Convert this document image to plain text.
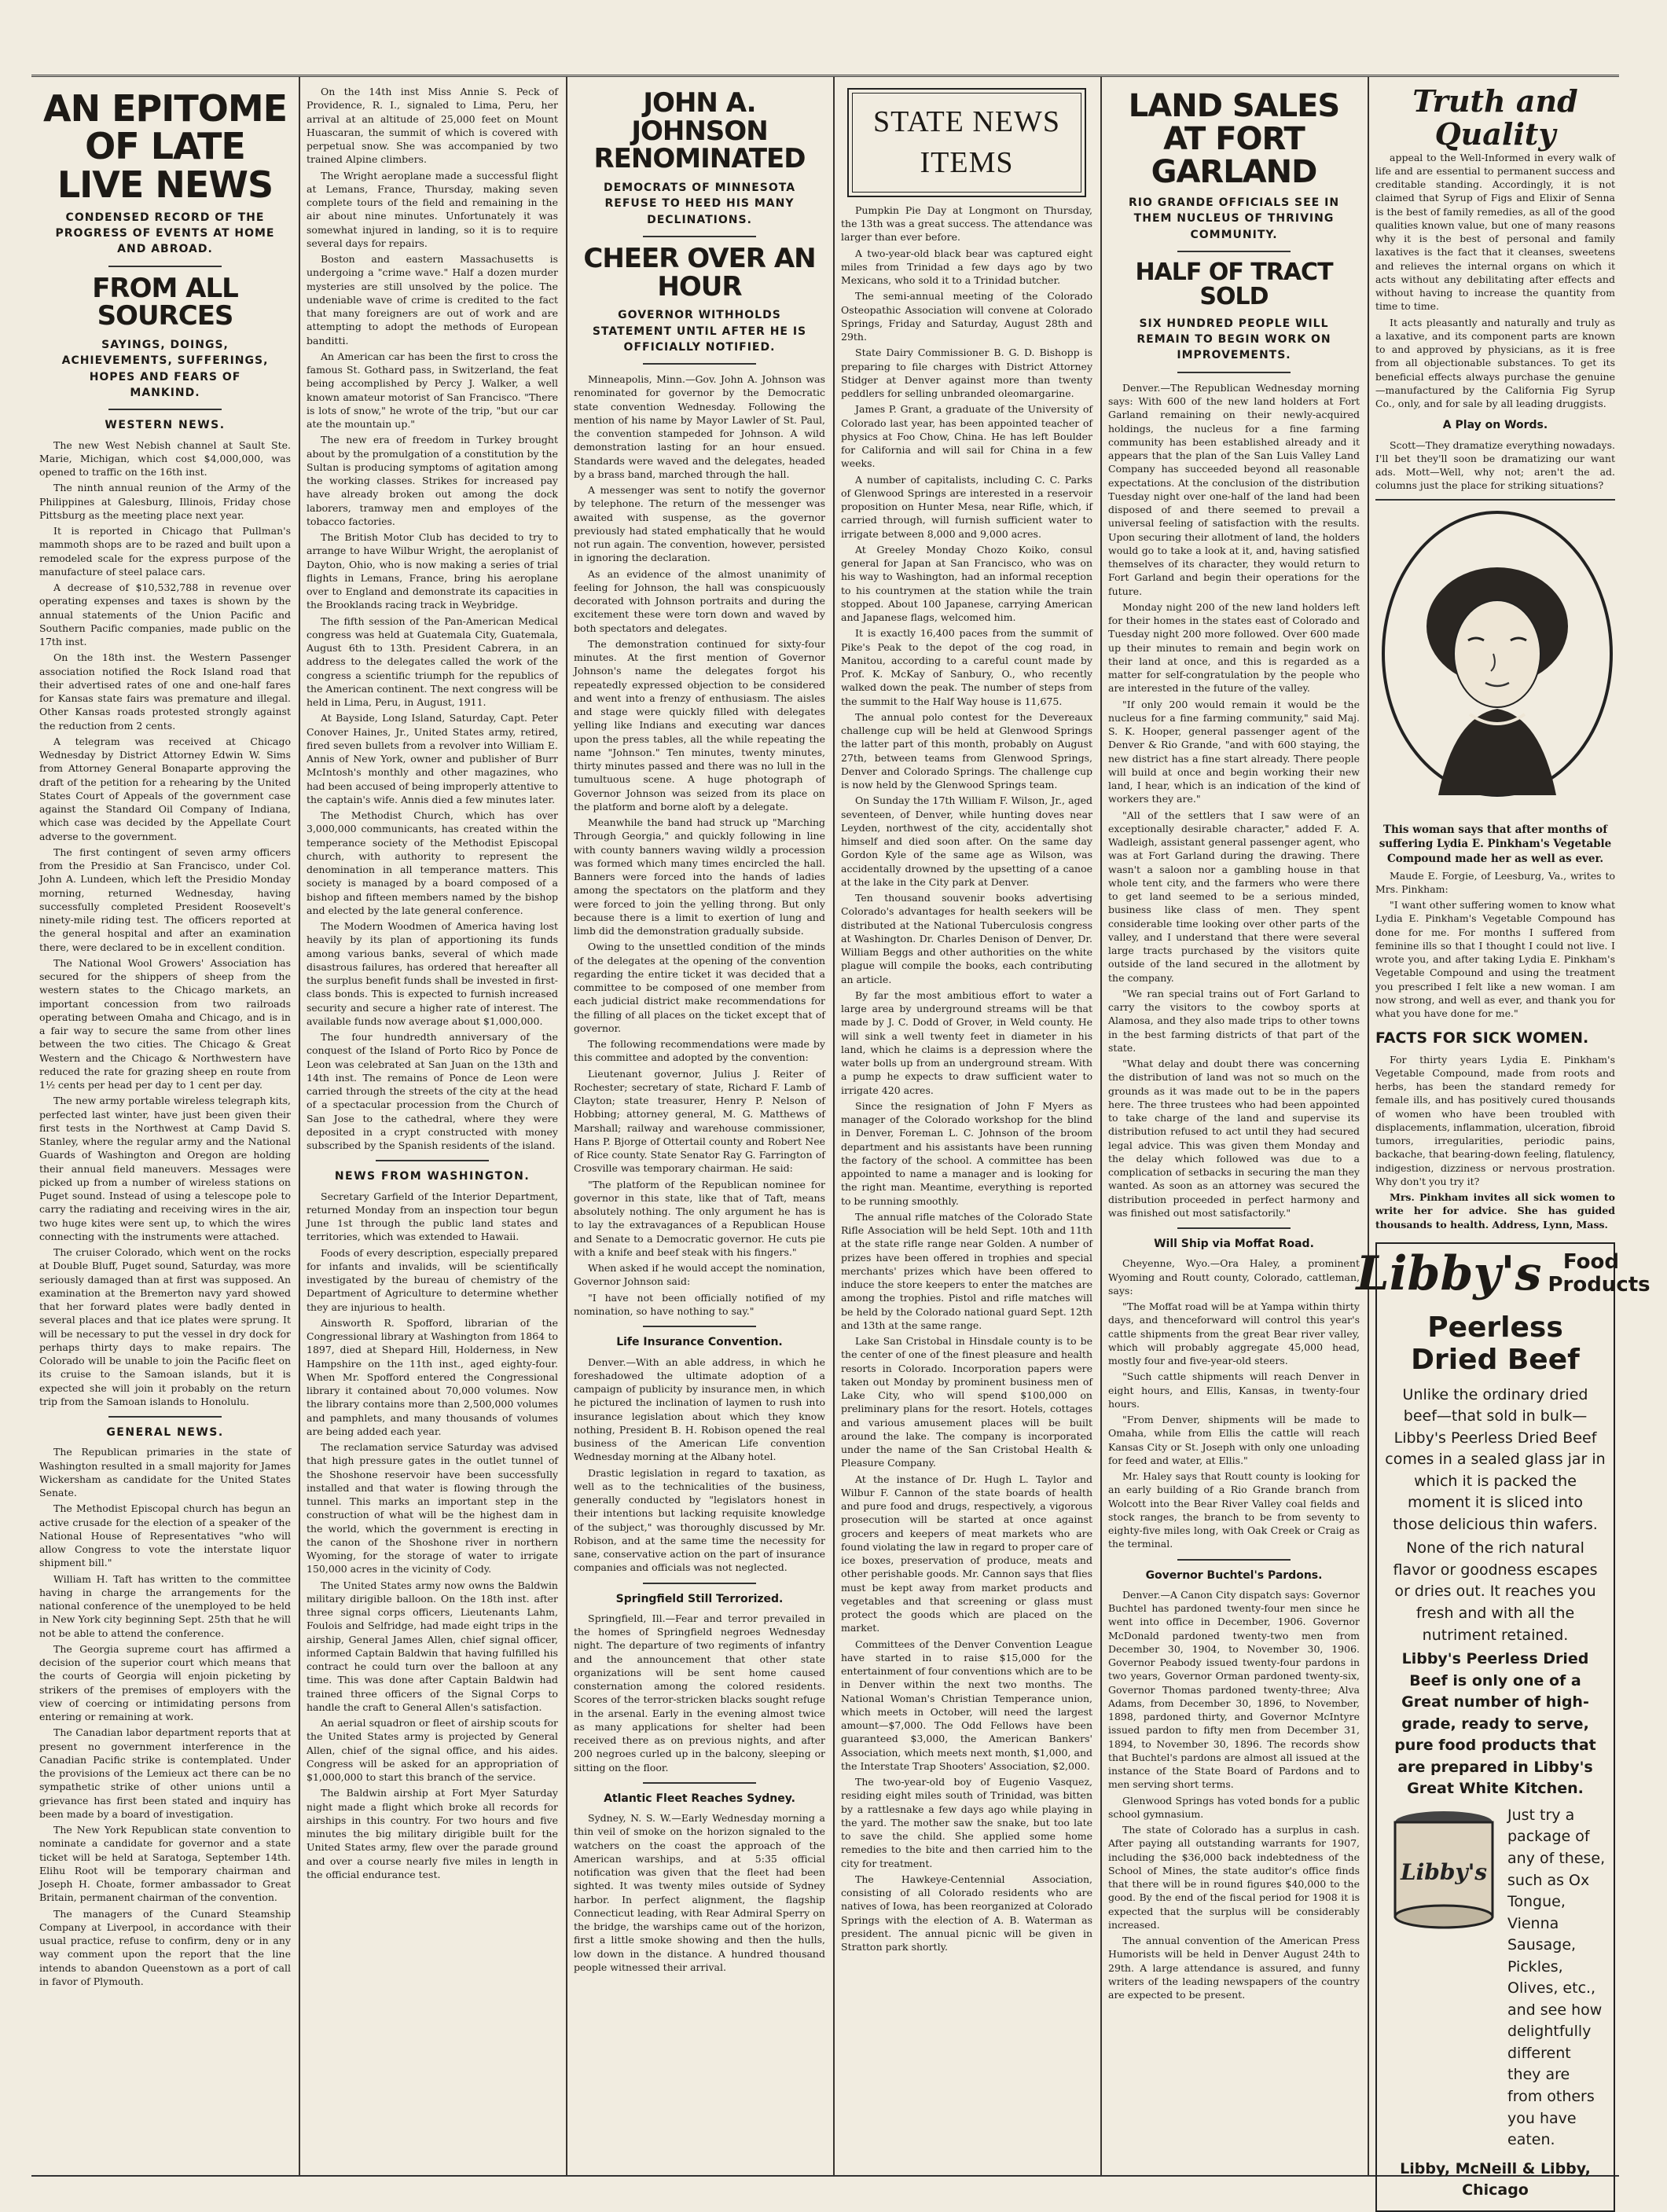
AN EPITOME OF LATE LIVE NEWS
CONDENSED RECORD OF THE PROGRESS OF EVENTS AT HOME AND ABROAD.
FROM ALL SOURCES
SAYINGS, DOINGS, ACHIEVEMENTS, SUFFERINGS, HOPES AND FEARS OF MANKIND.
WESTERN NEWS.

The new West Nebish channel at Sault Ste. Marie, Michigan, which cost $4,000,000, was opened to traffic on the 16th inst.

The ninth annual reunion of the Army of the Philippines at Galesburg, Illinois, Friday chose Pittsburg as the meeting place next year.

It is reported in Chicago that Pullman's mammoth shops are to be razed and built upon a remodeled scale for the express purpose of the manufacture of steel palace cars.

A decrease of $10,532,788 in revenue over operating expenses and taxes is shown by the annual statements of the Union Pacific and Southern Pacific companies, made public on the 17th inst.

On the 18th inst. the Western Passenger association notified the Rock Island road that their advertised rates of one and one-half fares for Kansas state fairs was premature and illegal. Other Kansas roads protested strongly against the reduction from 2 cents.

A telegram was received at Chicago Wednesday by District Attorney Edwin W. Sims from Attorney General Bonaparte approving the draft of the petition for a rehearing by the United States Court of Appeals of the government case against the Standard Oil Company of Indiana, which case was decided by the Appellate Court adverse to the government.

The first contingent of seven army officers from the Presidio at San Francisco, under Col. John A. Lundeen, which left the Presidio Monday morning, returned Wednesday, having successfully completed President Roosevelt's ninety-mile riding test. The officers reported at the general hospital and after an examination there, were declared to be in excellent condition.

The National Wool Growers' Association has secured for the shippers of sheep from the western states to the Chicago markets, an important concession from two railroads operating between Omaha and Chicago, and is in a fair way to secure the same from other lines between the two cities. The Chicago & Great Western and the Chicago & Northwestern have reduced the rate for grazing sheep en route from 1½ cents per head per day to 1 cent per day.

The new army portable wireless telegraph kits, perfected last winter, have just been given their first tests in the Northwest at Camp David S. Stanley, where the regular army and the National Guards of Washington and Oregon are holding their annual field maneuvers. Messages were picked up from a number of wireless stations on Puget sound. Instead of using a telescope pole to carry the radiating and receiving wires in the air, two huge kites were sent up, to which the wires connecting with the instruments were attached.

The cruiser Colorado, which went on the rocks at Double Bluff, Puget sound, Saturday, was more seriously damaged than at first was supposed. An examination at the Bremerton navy yard showed that her forward plates were badly dented in several places and that ice plates were sprung. It will be necessary to put the vessel in dry dock for perhaps thirty days to make repairs. The Colorado will be unable to join the Pacific fleet on its cruise to the Samoan islands, but it is expected she will join it probably on the return trip from the Samoan islands to Honolulu.

GENERAL NEWS.

The Republican primaries in the state of Washington resulted in a small majority for James Wickersham as candidate for the United States Senate.

The Methodist Episcopal church has begun an active crusade for the election of a speaker of the National House of Representatives "who will allow Congress to vote the interstate liquor shipment bill."

William H. Taft has written to the committee having in charge the arrangements for the national conference of the unemployed to be held in New York city beginning Sept. 25th that he will not be able to attend the conference.

The Georgia supreme court has affirmed a decision of the superior court which means that the courts of Georgia will enjoin picketing by strikers of the premises of employers with the view of coercing or intimidating persons from entering or remaining at work.

The Canadian labor department reports that at present no government interference in the Canadian Pacific strike is contemplated. Under the provisions of the Lemieux act there can be no sympathetic strike of other unions until a grievance has first been stated and inquiry has been made by a board of investigation.

The New York Republican state convention to nominate a candidate for governor and a state ticket will be held at Saratoga, September 14th. Elihu Root will be temporary chairman and Joseph H. Choate, former ambassador to Great Britain, permanent chairman of the convention.

The managers of the Cunard Steamship Company at Liverpool, in accordance with their usual practice, refuse to confirm, deny or in any way comment upon the report that the line intends to abandon Queenstown as a port of call in favor of Plymouth.

On the 14th inst Miss Annie S. Peck of Providence, R. I., signaled to Lima, Peru, her arrival at an altitude of 25,000 feet on Mount Huascaran, the summit of which is covered with perpetual snow. She was accompanied by two trained Alpine climbers.

The Wright aeroplane made a successful flight at Lemans, France, Thursday, making seven complete tours of the field and remaining in the air about nine minutes. Unfortunately it was somewhat injured in landing, so it is to require several days for repairs.

Boston and eastern Massachusetts is undergoing a "crime wave." Half a dozen murder mysteries are still unsolved by the police. The undeniable wave of crime is credited to the fact that many foreigners are out of work and are attempting to adopt the methods of European banditti.

An American car has been the first to cross the famous St. Gothard pass, in Switzerland, the feat being accomplished by Percy J. Walker, a well known amateur motorist of San Francisco. "There is lots of snow," he wrote of the trip, "but our car ate the mountain up."

The new era of freedom in Turkey brought about by the promulgation of a constitution by the Sultan is producing symptoms of agitation among the working classes. Strikes for increased pay have already broken out among the dock laborers, tramway men and employes of the tobacco factories.

The British Motor Club has decided to try to arrange to have Wilbur Wright, the aeroplanist of Dayton, Ohio, who is now making a series of trial flights in Lemans, France, bring his aeroplane over to England and demonstrate its capacities in the Brooklands racing track in Weybridge.

The fifth session of the Pan-American Medical congress was held at Guatemala City, Guatemala, August 6th to 13th. President Cabrera, in an address to the delegates called the work of the congress a scientific triumph for the republics of the American continent. The next congress will be held in Lima, Peru, in August, 1911.

At Bayside, Long Island, Saturday, Capt. Peter Conover Haines, Jr., United States army, retired, fired seven bullets from a revolver into William E. Annis of New York, owner and publisher of Burr McIntosh's monthly and other magazines, who had been accused of being improperly attentive to the captain's wife. Annis died a few minutes later.

The Methodist Church, which has over 3,000,000 communicants, has created within the temperance society of the Methodist Episcopal church, with authority to represent the denomination in all temperance matters. This society is managed by a board composed of a bishop and fifteen members named by the bishop and elected by the late general conference.

The Modern Woodmen of America having lost heavily by its plan of apportioning its funds among various banks, several of which made disastrous failures, has ordered that hereafter all the surplus benefit funds shall be invested in first-class bonds. This is expected to furnish increased security and secure a higher rate of interest. The available funds now average about $1,000,000.

The four hundredth anniversary of the conquest of the Island of Porto Rico by Ponce de Leon was celebrated at San Juan on the 13th and 14th inst. The remains of Ponce de Leon were carried through the streets of the city at the head of a spectacular procession from the Church of San Jose to the cathedral, where they were deposited in a crypt constructed with money subscribed by the Spanish residents of the island.

NEWS FROM WASHINGTON.

Secretary Garfield of the Interior Department, returned Monday from an inspection tour begun June 1st through the public land states and territories, which was extended to Hawaii.

Foods of every description, especially prepared for infants and invalids, will be scientifically investigated by the bureau of chemistry of the Department of Agriculture to determine whether they are injurious to health.

Ainsworth R. Spofford, librarian of the Congressional library at Washington from 1864 to 1897, died at Shepard Hill, Holderness, in New Hampshire on the 11th inst., aged eighty-four. When Mr. Spofford entered the Congressional library it contained about 70,000 volumes. Now the library contains more than 2,500,000 volumes and pamphlets, and many thousands of volumes are being added each year.

The reclamation service Saturday was advised that high pressure gates in the outlet tunnel of the Shoshone reservoir have been successfully installed and that water is flowing through the tunnel. This marks an important step in the construction of what will be the highest dam in the world, which the government is erecting in the canon of the Shoshone river in northern Wyoming, for the storage of water to irrigate 150,000 acres in the vicinity of Cody.

The United States army now owns the Baldwin military dirigible balloon. On the 18th inst. after three signal corps officers, Lieutenants Lahm, Foulois and Selfridge, had made eight trips in the airship, General James Allen, chief signal officer, informed Captain Baldwin that having fulfilled his contract he could turn over the balloon at any time. This was done after Captain Baldwin had trained three officers of the Signal Corps to handle the craft to General Allen's satisfaction.

An aerial squadron or fleet of airship scouts for the United States army is projected by General Allen, chief of the signal office, and his aides. Congress will be asked for an appropriation of $1,000,000 to start this branch of the service.

The Baldwin airship at Fort Myer Saturday night made a flight which broke all records for airships in this country. For two hours and five minutes the big military dirigible built for the United States army, flew over the parade ground and over a course nearly five miles in length in the official endurance test.

JOHN A. JOHNSON RENOMINATED
DEMOCRATS OF MINNESOTA REFUSE TO HEED HIS MANY DECLINATIONS.
CHEER OVER AN HOUR
GOVERNOR WITHHOLDS STATEMENT UNTIL AFTER HE IS OFFICIALLY NOTIFIED.

Minneapolis, Minn.—Gov. John A. Johnson was renominated for governor by the Democratic state convention Wednesday. Following the mention of his name by Mayor Lawler of St. Paul, the convention stampeded for Johnson. A wild demonstration lasting for an hour ensued. Standards were waved and the delegates, headed by a brass band, marched through the hall.

A messenger was sent to notify the governor by telephone. The return of the messenger was awaited with suspense, as the governor previously had stated emphatically that he would not run again. The convention, however, persisted in ignoring the declaration.

As an evidence of the almost unanimity of feeling for Johnson, the hall was conspicuously decorated with Johnson portraits and during the excitement these were torn down and waved by both spectators and delegates.

The demonstration continued for sixty-four minutes. At the first mention of Governor Johnson's name the delegates forgot his repeatedly expressed objection to be considered and went into a frenzy of enthusiasm. The aisles and stage were quickly filled with delegates yelling like Indians and executing war dances upon the press tables, all the while repeating the name "Johnson." Ten minutes, twenty minutes, thirty minutes passed and there was no lull in the tumultuous scene. A huge photograph of Governor Johnson was seized from its place on the platform and borne aloft by a delegate.

Meanwhile the band had struck up "Marching Through Georgia," and quickly following in line with county banners waving wildly a procession was formed which many times encircled the hall. Banners were forced into the hands of ladies among the spectators on the platform and they were forced to join the yelling throng. But only because there is a limit to exertion of lung and limb did the demonstration gradually subside.

Owing to the unsettled condition of the minds of the delegates at the opening of the convention regarding the entire ticket it was decided that a committee to be composed of one member from each judicial district make recommendations for the filling of all places on the ticket except that of governor.

The following recommendations were made by this committee and adopted by the convention:

Lieutenant governor, Julius J. Reiter of Rochester; secretary of state, Richard F. Lamb of Clayton; state treasurer, Henry P. Nelson of Hobbing; attorney general, M. G. Matthews of Marshall; railway and warehouse commissioner, Hans P. Bjorge of Ottertail county and Robert Nee of Rice county. State Senator Ray G. Farrington of Crosville was temporary chairman. He said:

"The platform of the Republican nominee for governor in this state, like that of Taft, means absolutely nothing. The only argument he has is to lay the extravagances of a Republican House and Senate to a Democratic governor. He cuts pie with a knife and beef steak with his fingers."

When asked if he would accept the nomination, Governor Johnson said:

"I have not been officially notified of my nomination, so have nothing to say."

Life Insurance Convention.

Denver.—With an able address, in which he foreshadowed the ultimate adoption of a campaign of publicity by insurance men, in which he pictured the inclination of laymen to rush into insurance legislation about which they know nothing, President B. H. Robison opened the real business of the American Life convention Wednesday morning at the Albany hotel.

Drastic legislation in regard to taxation, as well as to the technicalities of the business, generally conducted by "legislators honest in their intentions but lacking requisite knowledge of the subject," was thoroughly discussed by Mr. Robison, and at the same time the necessity for sane, conservative action on the part of insurance companies and officials was not neglected.

Springfield Still Terrorized.

Springfield, Ill.—Fear and terror prevailed in the homes of Springfield negroes Wednesday night. The departure of two regiments of infantry and the announcement that other state organizations will be sent home caused consternation among the colored residents. Scores of the terror-stricken blacks sought refuge in the arsenal. Early in the evening almost twice as many applications for shelter had been received there as on previous nights, and after 200 negroes curled up in the balcony, sleeping or sitting on the floor.

Atlantic Fleet Reaches Sydney.

Sydney, N. S. W.—Early Wednesday morning a thin veil of smoke on the horizon signaled to the watchers on the coast the approach of the American warships, and at 5:35 official notification was given that the fleet had been sighted. It was twenty miles outside of Sydney harbor. In perfect alignment, the flagship Connecticut leading, with Rear Admiral Sperry on the bridge, the warships came out of the horizon, first a little smoke showing and then the hulls, low down in the distance. A hundred thousand people witnessed their arrival.

STATE NEWS ITEMS

Pumpkin Pie Day at Longmont on Thursday, the 13th was a great success. The attendance was larger than ever before.

A two-year-old black bear was captured eight miles from Trinidad a few days ago by two Mexicans, who sold it to a Trinidad butcher.

The semi-annual meeting of the Colorado Osteopathic Association will convene at Colorado Springs, Friday and Saturday, August 28th and 29th.

State Dairy Commissioner B. G. D. Bishopp is preparing to file charges with District Attorney Stidger at Denver against more than twenty peddlers for selling unbranded oleomargarine.

James P. Grant, a graduate of the University of Colorado last year, has been appointed teacher of physics at Foo Chow, China. He has left Boulder for California and will sail for China in a few weeks.

A number of capitalists, including C. C. Parks of Glenwood Springs are interested in a reservoir proposition on Hunter Mesa, near Rifle, which, if carried through, will furnish sufficient water to irrigate between 8,000 and 9,000 acres.

At Greeley Monday Chozo Koiko, consul general for Japan at San Francisco, who was on his way to Washington, had an informal reception to his countrymen at the station while the train stopped. About 100 Japanese, carrying American and Japanese flags, welcomed him.

It is exactly 16,400 paces from the summit of Pike's Peak to the depot of the cog road, in Manitou, according to a careful count made by Prof. K. McKay of Sanbury, O., who recently walked down the peak. The number of steps from the summit to the Half Way house is 11,675.

The annual polo contest for the Devereaux challenge cup will be held at Glenwood Springs the latter part of this month, probably on August 27th, between teams from Glenwood Springs, Denver and Colorado Springs. The challenge cup is now held by the Glenwood Springs team.

On Sunday the 17th William F. Wilson, Jr., aged seventeen, of Denver, while hunting doves near Leyden, northwest of the city, accidentally shot himself and died soon after. On the same day Gordon Kyle of the same age as Wilson, was accidentally drowned by the upsetting of a canoe at the lake in the City park at Denver.

Ten thousand souvenir books advertising Colorado's advantages for health seekers will be distributed at the National Tuberculosis congress at Washington. Dr. Charles Denison of Denver, Dr. William Beggs and other authorities on the white plague will compile the books, each contributing an article.

By far the most ambitious effort to water a large area by underground streams will be that made by J. C. Dodd of Grover, in Weld county. He will sink a well twenty feet in diameter in his land, which he claims is a depression where the water bolls up from an underground stream. With a pump he expects to draw sufficient water to irrigate 420 acres.

Since the resignation of John F Myers as manager of the Colorado workshop for the blind in Denver, Foreman L. C. Johnson of the broom department and his assistants have been running the factory of the school. A committee has been appointed to name a manager and is looking for the right man. Meantime, everything is reported to be running smoothly.

The annual rifle matches of the Colorado State Rifle Association will be held Sept. 10th and 11th at the state rifle range near Golden. A number of prizes have been offered in trophies and special merchants' prizes which have been offered to induce the store keepers to enter the matches are among the trophies. Pistol and rifle matches will be held by the Colorado national guard Sept. 12th and 13th at the same range.

Lake San Cristobal in Hinsdale county is to be the center of one of the finest pleasure and health resorts in Colorado. Incorporation papers were taken out Monday by prominent business men of Lake City, who will spend $100,000 on preliminary plans for the resort. Hotels, cottages and various amusement places will be built around the lake. The company is incorporated under the name of the San Cristobal Health & Pleasure Company.

At the instance of Dr. Hugh L. Taylor and Wilbur F. Cannon of the state boards of health and pure food and drugs, respectively, a vigorous prosecution will be started at once against grocers and keepers of meat markets who are found violating the law in regard to proper care of ice boxes, preservation of produce, meats and other perishable goods. Mr. Cannon says that flies must be kept away from market products and vegetables and that screening or glass must protect the goods which are placed on the market.

Committees of the Denver Convention League have started in to raise $15,000 for the entertainment of four conventions which are to be in Denver within the next two months. The National Woman's Christian Temperance union, which meets in October, will need the largest amount—$7,000. The Odd Fellows have been guaranteed $3,000, the American Bankers' Association, which meets next month, $1,000, and the Interstate Trap Shooters' Association, $2,000.

The two-year-old boy of Eugenio Vasquez, residing eight miles south of Trinidad, was bitten by a rattlesnake a few days ago while playing in the yard. The mother saw the snake, but too late to save the child. She applied some home remedies to the bite and then carried him to the city for treatment.

The Hawkeye-Centennial Association, consisting of all Colorado residents who are natives of Iowa, has been reorganized at Colorado Springs with the election of A. B. Waterman as president. The annual picnic will be given in Stratton park shortly.

LAND SALES AT FORT GARLAND
RIO GRANDE OFFICIALS SEE IN THEM NUCLEUS OF THRIVING COMMUNITY.
HALF OF TRACT SOLD
SIX HUNDRED PEOPLE WILL REMAIN TO BEGIN WORK ON IMPROVEMENTS.

Denver.—The Republican Wednesday morning says: With 600 of the new land holders at Fort Garland remaining on their newly-acquired holdings, the nucleus for a fine farming community has been established already and it appears that the plan of the San Luis Valley Land Company has succeeded beyond all reasonable expectations. At the conclusion of the distribution Tuesday night over one-half of the land had been disposed of and there seemed to prevail a universal feeling of satisfaction with the results. Upon securing their allotment of land, the holders would go to take a look at it, and, having satisfied themselves of its character, they would return to Fort Garland and begin their operations for the future.

Monday night 200 of the new land holders left for their homes in the states east of Colorado and Tuesday night 200 more followed. Over 600 made up their minutes to remain and begin work on their land at once, and this is regarded as a matter for self-congratulation by the people who are interested in the future of the valley.

"If only 200 would remain it would be the nucleus for a fine farming community," said Maj. S. K. Hooper, general passenger agent of the Denver & Rio Grande, "and with 600 staying, the new district has a fine start already. There people will build at once and begin working their new land, I hear, which is an indication of the kind of workers they are."

"All of the settlers that I saw were of an exceptionally desirable character," added F. A. Wadleigh, assistant general passenger agent, who was at Fort Garland during the drawing. There wasn't a saloon nor a gambling house in that whole tent city, and the farmers who were there to get land seemed to be a serious minded, business like class of men. They spent considerable time looking over other parts of the valley, and I understand that there were several large tracts purchased by the visitors quite outside of the land secured in the allotment by the company.

"We ran special trains out of Fort Garland to carry the visitors to the cowboy sports at Alamosa, and they also made trips to other towns in the best farming districts of that part of the state.

"What delay and doubt there was concerning the distribution of land was not so much on the grounds as it was made out to be in the papers here. The three trustees who had been appointed to take charge of the land and supervise its distribution refused to act until they had secured legal advice. This was given them Monday and the delay which followed was due to a complication of setbacks in securing the man they wanted. As soon as an attorney was secured the distribution proceeded in perfect harmony and was finished out most satisfactorily."

Will Ship via Moffat Road.

Cheyenne, Wyo.—Ora Haley, a prominent Wyoming and Routt county, Colorado, cattleman, says:

"The Moffat road will be at Yampa within thirty days, and thenceforward will control this year's cattle shipments from the great Bear river valley, which will probably aggregate 45,000 head, mostly four and five-year-old steers.

"Such cattle shipments will reach Denver in eight hours, and Ellis, Kansas, in twenty-four hours.

"From Denver, shipments will be made to Omaha, while from Ellis the cattle will reach Kansas City or St. Joseph with only one unloading for feed and water, at Ellis."

Mr. Haley says that Routt county is looking for an early building of a Rio Grande branch from Wolcott into the Bear River Valley coal fields and stock ranges, the branch to be from seventy to eighty-five miles long, with Oak Creek or Craig as the terminal.

Governor Buchtel's Pardons.

Denver.—A Canon City dispatch says: Governor Buchtel has pardoned twenty-four men since he went into office in December, 1906. Governor McDonald pardoned twenty-two men from December 30, 1904, to November 30, 1906. Governor Peabody issued twenty-four pardons in two years, Governor Orman pardoned twenty-six, Governor Thomas pardoned twenty-three; Alva Adams, from December 30, 1896, to November, 1898, pardoned thirty, and Governor McIntyre issued pardon to fifty men from December 31, 1894, to November 30, 1896. The records show that Buchtel's pardons are almost all issued at the instance of the State Board of Pardons and to men serving short terms.

Glenwood Springs has voted bonds for a public school gymnasium.

The state of Colorado has a surplus in cash. After paying all outstanding warrants for 1907, including the $36,000 back indebtedness of the School of Mines, the state auditor's office finds that there will be in round figures $40,000 to the good. By the end of the fiscal period for 1908 it is expected that the surplus will be considerably increased.

The annual convention of the American Press Humorists will be held in Denver August 24th to 29th. A large attendance is assured, and funny writers of the leading newspapers of the country are expected to be present.

Truth and Quality

appeal to the Well-Informed in every walk of life and are essential to permanent success and creditable standing. Accordingly, it is not claimed that Syrup of Figs and Elixir of Senna is the best of family remedies, as all of the good qualities known value, but one of many reasons why it is the best of personal and family laxatives is the fact that it cleanses, sweetens and relieves the internal organs on which it acts without any debilitating after effects and without having to increase the quantity from time to time.

It acts pleasantly and naturally and truly as a laxative, and its component parts are known to and approved by physicians, as it is free from all objectionable substances. To get its beneficial effects always purchase the genuine—manufactured by the California Fig Syrup Co., only, and for sale by all leading druggists.

A Play on Words.

Scott—They dramatize everything nowadays. I'll bet they'll soon be dramatizing our want ads. Mott—Well, why not; aren't the ad. columns just the place for striking situations?

This woman says that after months of suffering Lydia E. Pinkham's Vegetable Compound made her as well as ever.

Maude E. Forgie, of Leesburg, Va., writes to Mrs. Pinkham:

"I want other suffering women to know what Lydia E. Pinkham's Vegetable Compound has done for me. For months I suffered from feminine ills so that I thought I could not live. I wrote you, and after taking Lydia E. Pinkham's Vegetable Compound and using the treatment you prescribed I felt like a new woman. I am now strong, and well as ever, and thank you for what you have done for me."

FACTS FOR SICK WOMEN.

For thirty years Lydia E. Pinkham's Vegetable Compound, made from roots and herbs, has been the standard remedy for female ills, and has positively cured thousands of women who have been troubled with displacements, inflammation, ulceration, fibroid tumors, irregularities, periodic pains, backache, that bearing-down feeling, flatulency, indigestion, dizziness or nervous prostration. Why don't you try it?

Mrs. Pinkham invites all sick women to write her for advice. She has guided thousands to health. Address, Lynn, Mass.

Libby's	Food Products
Peerless Dried Beef

Unlike the ordinary dried beef—that sold in bulk—Libby's Peerless Dried Beef comes in a sealed glass jar in which it is packed the moment it is sliced into those delicious thin wafers.

None of the rich natural flavor or goodness escapes or dries out. It reaches you fresh and with all the nutriment retained.

Libby's Peerless Dried Beef is only one of a Great number of high-grade, ready to serve, pure food products that are prepared in Libby's Great White Kitchen.

Libby's

Just try a package of any of these, such as Ox Tongue, Vienna Sausage, Pickles, Olives, etc., and see how delightfully different they are from others you have eaten.

Libby, McNeill & Libby, Chicago
